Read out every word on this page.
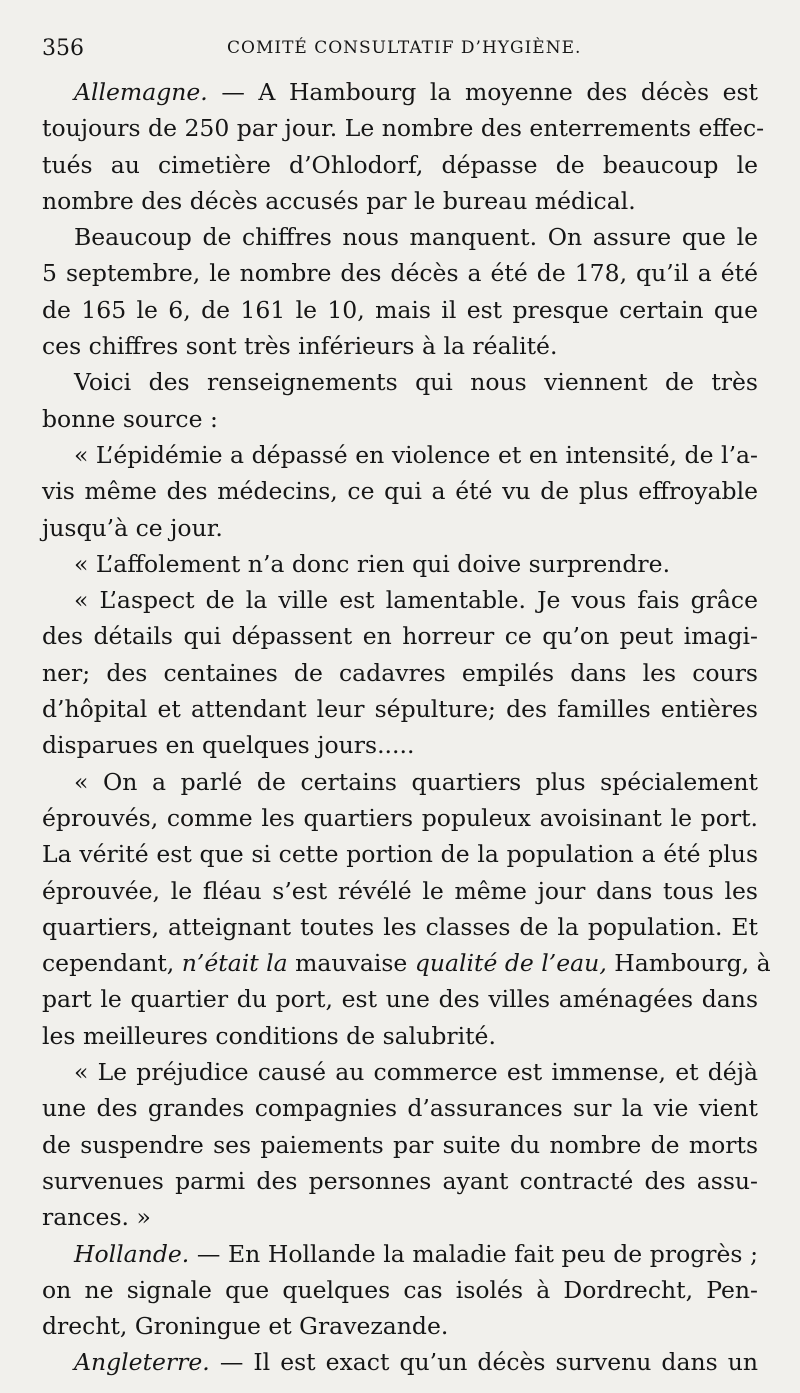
356	COMITÉ CONSULTATIF D’HYGIÈNE.
Allemagne. — A Hambourg la moyenne des décès est
toujours de 250 par jour. Le nombre des enterrements effec-
tués au cimetière d’Ohlodorf, dépasse de beaucoup le
nombre des décès accusés par le bureau médical.
Beaucoup de chiffres nous manquent. On assure que le
5 septembre, le nombre des décès a été de 178, qu’il a été
de 165 le 6, de 161 le 10, mais il est presque certain que
ces chiffres sont très inférieurs à la réalité.
Voici des renseignements qui nous viennent de très
bonne source :
« L’épidémie a dépassé en violence et en intensité, de l’a-
vis même des médecins, ce qui a été vu de plus effroyable
jusqu’à ce jour.
« L’affolement n’a donc rien qui doive surprendre.
« L’aspect de la ville est lamentable. Je vous fais grâce
des détails qui dépassent en horreur ce qu’on peut imagi-
ner; des centaines de cadavres empilés dans les cours
d’hôpital et attendant leur sépulture; des familles entières
disparues en quelques jours.....
« On a parlé de certains quartiers plus spécialement
éprouvés, comme les quartiers populeux avoisinant le port.
La vérité est que si cette portion de la population a été plus
éprouvée, le fléau s’est révélé le même jour dans tous les
quartiers, atteignant toutes les classes de la population. Et
cependant, n’était la mauvaise qualité de l’eau, Hambourg, à
part le quartier du port, est une des villes aménagées dans
les meilleures conditions de salubrité.
« Le préjudice causé au commerce est immense, et déjà
une des grandes compagnies d’assurances sur la vie vient
de suspendre ses paiements par suite du nombre de morts
survenues parmi des personnes ayant contracté des assu-
rances. »
Hollande. — En Hollande la maladie fait peu de progrès ;
on ne signale que quelques cas isolés à Dordrecht, Pen-
drecht, Groningue et Gravezande.
Angleterre. — Il est exact qu’un décès survenu dans un
